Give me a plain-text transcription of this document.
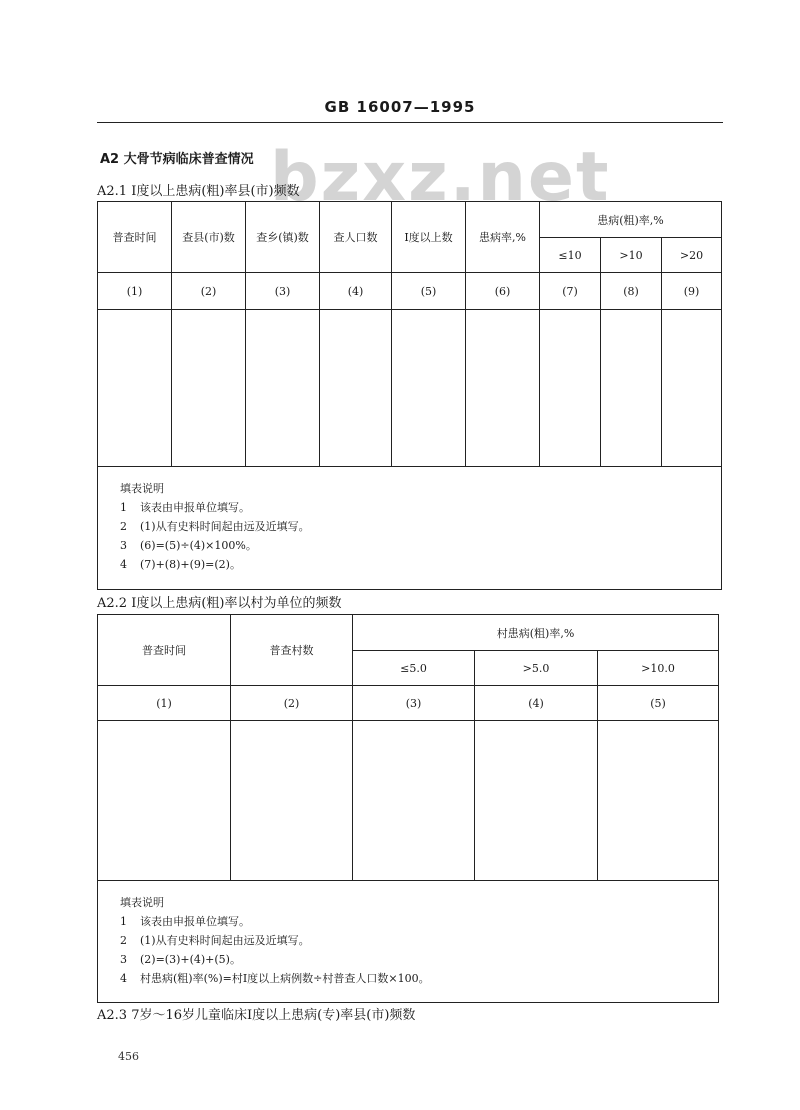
GB 16007—1995
bzxz.net
A2 大骨节病临床普查情况
A2.1 Ⅰ度以上患病(粗)率县(市)频数
普查时间	查县(市)数	查乡(镇)数	查人口数	Ⅰ度以上数	患病率,%	患病(粗)率,%		
						≤10	>10	>20
(1)	(2)	(3)	(4)	(5)	(6)	(7)	(8)	(9)

填表说明
1 该表由申报单位填写。
2 (1)从有史料时间起由远及近填写。
3 (6)=(5)÷(4)×100%。
4 (7)+(8)+(9)=(2)。								
A2.2 Ⅰ度以上患病(粗)率以村为单位的频数
普查时间	普查村数	村患病(粗)率,%		
		≤5.0	>5.0	>10.0
(1)	(2)	(3)	(4)	(5)

填表说明
1 该表由申报单位填写。
2 (1)从有史料时间起由远及近填写。
3 (2)=(3)+(4)+(5)。
4 村患病(粗)率(%)=村Ⅰ度以上病例数÷村普查人口数×100。				
A2.3 7岁～16岁儿童临床Ⅰ度以上患病(专)率县(市)频数
456
